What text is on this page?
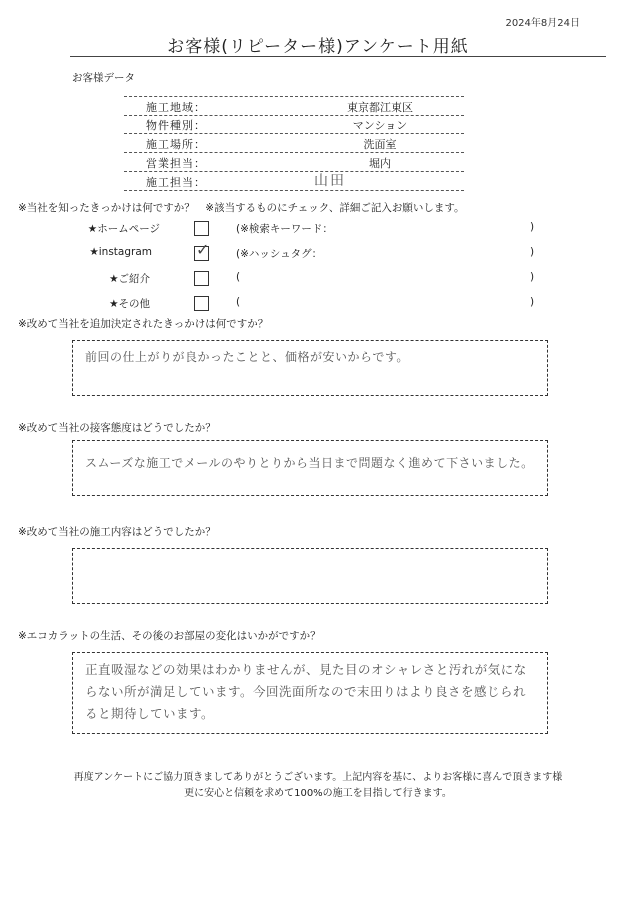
2024年8月24日
お客様(リピーター様)アンケート用紙
お客様データ
施工地域：	東京都江東区
物件種別：	マンション
施工場所：	洗面室
営業担当：	堀内
施工担当：	山田
※当社を知ったきっかけは何ですか？　※該当するものにチェック、詳細ご記入お願いします。
★ホームページ	(※検索キーワード：	)
★instagram	✓	(※ハッシュタグ：	)
★ご紹介	(	)
★その他	(	)
※改めて当社を追加決定されたきっかけは何ですか？
前回の仕上がりが良かったことと、価格が安いからです。
※改めて当社の接客態度はどうでしたか？
スムーズな施工でメールのやりとりから当日まで問題なく進めて下さいました。
※改めて当社の施工内容はどうでしたか？
※エコカラットの生活、その後のお部屋の変化はいかがですか？
正直吸湿などの効果はわかりませんが、見た目のオシャレさと汚れが気にならない所が満足しています。今回洗面所なので末田りはより良さを感じられると期待しています。
再度アンケートにご協力頂きましてありがとうございます。上記内容を基に、よりお客様に喜んで頂きます様
更に安心と信頼を求めて100%の施工を目指して行きます。
